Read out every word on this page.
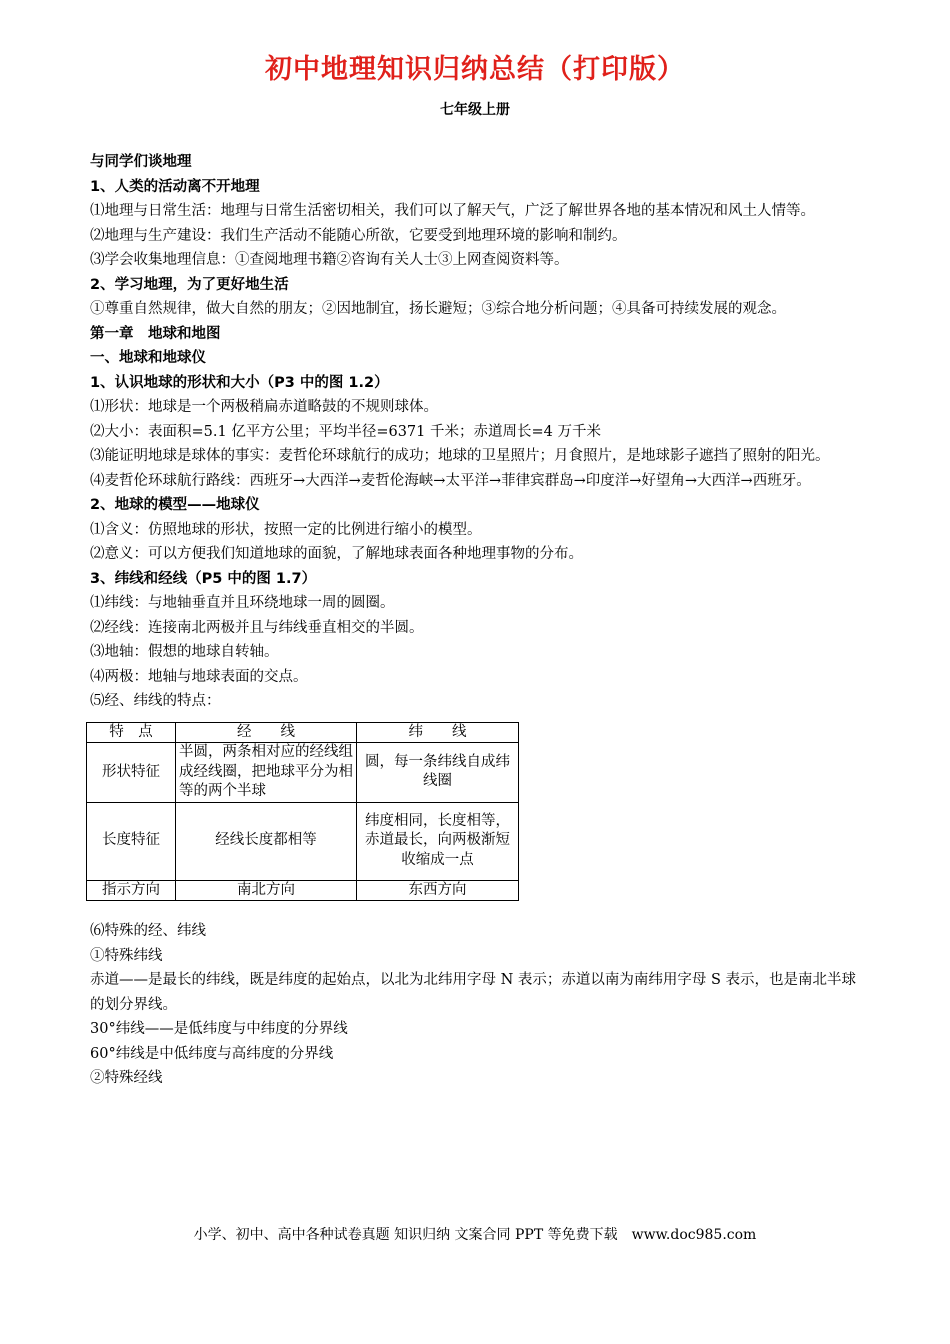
初中地理知识归纳总结（打印版）
七年级上册

与同学们谈地理

1、人类的活动离不开地理

⑴地理与日常生活：地理与日常生活密切相关，我们可以了解天气，广泛了解世界各地的基本情况和风土人情等。

⑵地理与生产建设：我们生产活动不能随心所欲，它要受到地理环境的影响和制约。

⑶学会收集地理信息：①查阅地理书籍②咨询有关人士③上网查阅资料等。

2、学习地理，为了更好地生活

①尊重自然规律，做大自然的朋友；②因地制宜，扬长避短；③综合地分析问题；④具备可持续发展的观念。

第一章　地球和地图

一、地球和地球仪

1、认识地球的形状和大小（P3 中的图 1.2）

⑴形状：地球是一个两极稍扁赤道略鼓的不规则球体。

⑵大小：表面积=5.1 亿平方公里；平均半径=6371 千米；赤道周长=4 万千米

⑶能证明地球是球体的事实：麦哲伦环球航行的成功；地球的卫星照片；月食照片，是地球影子遮挡了照射的阳光。

⑷麦哲伦环球航行路线：西班牙→大西洋→麦哲伦海峡→太平洋→菲律宾群岛→印度洋→好望角→大西洋→西班牙。

2、地球的模型——地球仪

⑴含义：仿照地球的形状，按照一定的比例进行缩小的模型。

⑵意义：可以方便我们知道地球的面貌，了解地球表面各种地理事物的分布。

3、纬线和经线（P5 中的图 1.7）

⑴纬线：与地轴垂直并且环绕地球一周的圆圈。

⑵经线：连接南北两极并且与纬线垂直相交的半圆。

⑶地轴：假想的地球自转轴。

⑷两极：地轴与地球表面的交点。

⑸经、纬线的特点：

特　点	经　　线	纬　　线
形状特征	半圆，两条相对应的经线组成经线圈，把地球平分为相等的两个半球	圆，每一条纬线自成纬线圈
长度特征	经线长度都相等	纬度相同，长度相等，赤道最长，向两极渐短收缩成一点
指示方向	南北方向	东西方向

⑹特殊的经、纬线

①特殊纬线

赤道——是最长的纬线，既是纬度的起始点，以北为北纬用字母 N 表示；赤道以南为南纬用字母 S 表示，也是南北半球的划分界线。

30°纬线——是低纬度与中纬度的分界线

60°纬线是中低纬度与高纬度的分界线

②特殊经线

小学、初中、高中各种试卷真题 知识归纳 文案合同 PPT 等免费下载　www.doc985.com
